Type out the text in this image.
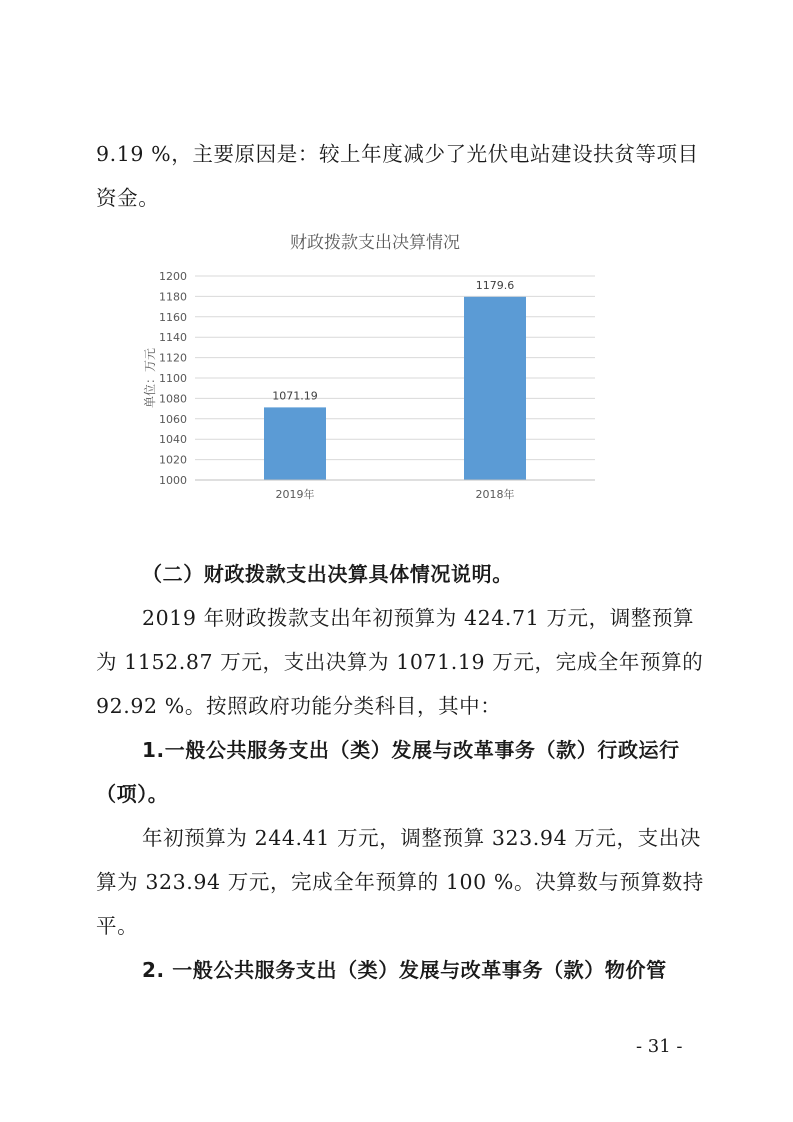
9.19 %，主要原因是：较上年度减少了光伏电站建设扶贫等项目
资金。
财政拨款支出决算情况
1000
1020
1040
1060
1080
1100
1120
1140
1160
1180
1200
单位：万元	1071.19
2019年
1179.6
2018年
（二）财政拨款支出决算具体情况说明。
2019 年财政拨款支出年初预算为 424.71 万元，调整预算
为 1152.87 万元，支出决算为 1071.19 万元，完成全年预算的
92.92 %。按照政府功能分类科目，其中：
1.一般公共服务支出（类）发展与改革事务（款）行政运行
（项）。
年初预算为 244.41 万元，调整预算 323.94 万元，支出决
算为 323.94 万元，完成全年预算的 100 %。决算数与预算数持
平。
2. 一般公共服务支出（类）发展与改革事务（款）物价管
- 31 -
